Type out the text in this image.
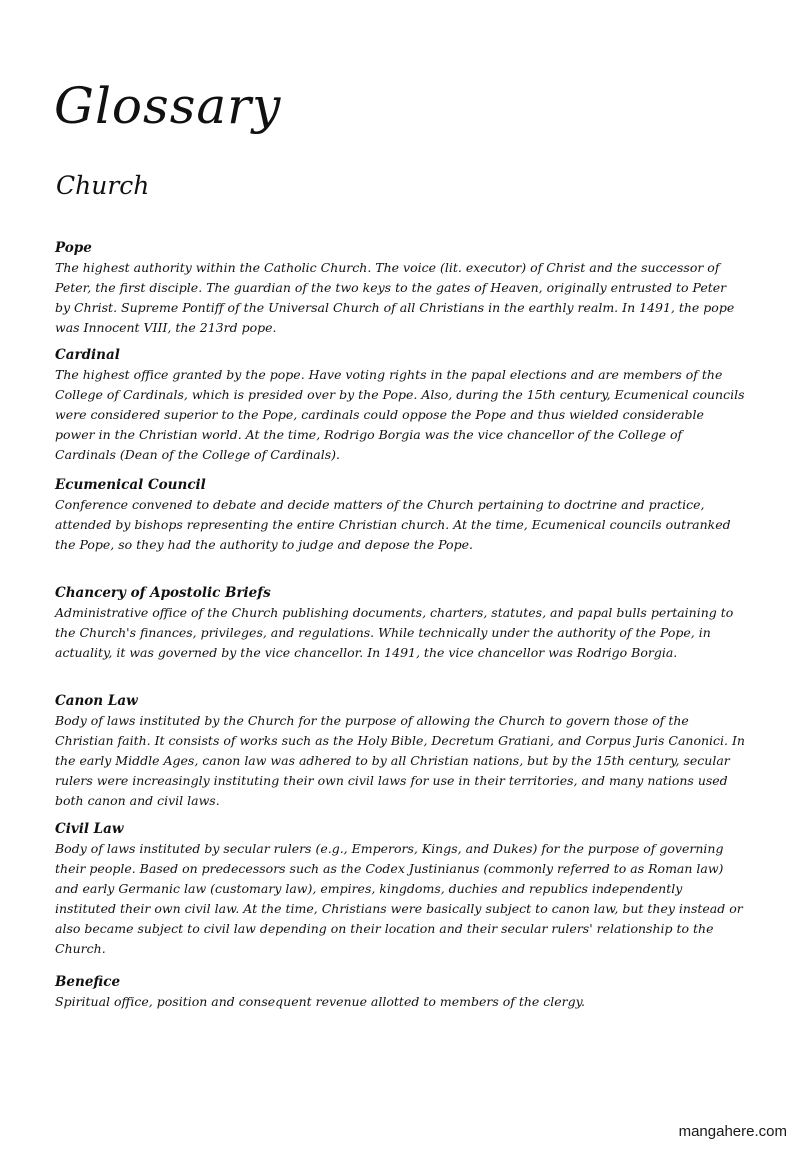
Glossary
Church

Pope

The highest authority within the Catholic Church. The voice (lit. executor) of Christ and the successor of Peter, the first disciple. The guardian of the two keys to the gates of Heaven, originally entrusted to Peter by Christ. Supreme Pontiff of the Universal Church of all Christians in the earthly realm. In 1491, the pope was Innocent VIII, the 213rd pope.

Cardinal

The highest office granted by the pope. Have voting rights in the papal elections and are members of the College of Cardinals, which is presided over by the Pope. Also, during the 15th century, Ecumenical councils were considered superior to the Pope, cardinals could oppose the Pope and thus wielded considerable power in the Christian world. At the time, Rodrigo Borgia was the vice chancellor of the College of Cardinals (Dean of the College of Cardinals).

Ecumenical Council

Conference convened to debate and decide matters of the Church pertaining to doctrine and practice, attended by bishops representing the entire Christian church. At the time, Ecumenical councils outranked the Pope, so they had the authority to judge and depose the Pope.

Chancery of Apostolic Briefs

Administrative office of the Church publishing documents, charters, statutes, and papal bulls pertaining to the Church's finances, privileges, and regulations. While technically under the authority of the Pope, in actuality, it was governed by the vice chancellor. In 1491, the vice chancellor was Rodrigo Borgia.

Canon Law

Body of laws instituted by the Church for the purpose of allowing the Church to govern those of the Christian faith. It consists of works such as the Holy Bible, Decretum Gratiani, and Corpus Juris Canonici. In the early Middle Ages, canon law was adhered to by all Christian nations, but by the 15th century, secular rulers were increasingly instituting their own civil laws for use in their territories, and many nations used both canon and civil laws.

Civil Law

Body of laws instituted by secular rulers (e.g., Emperors, Kings, and Dukes) for the purpose of governing their people. Based on predecessors such as the Codex Justinianus (commonly referred to as Roman law) and early Germanic law (customary law), empires, kingdoms, duchies and republics independently instituted their own civil law. At the time, Christians were basically subject to canon law, but they instead or also became subject to civil law depending on their location and their secular rulers' relationship to the Church.

Benefice

Spiritual office, position and consequent revenue allotted to members of the clergy.

mangahere.com
